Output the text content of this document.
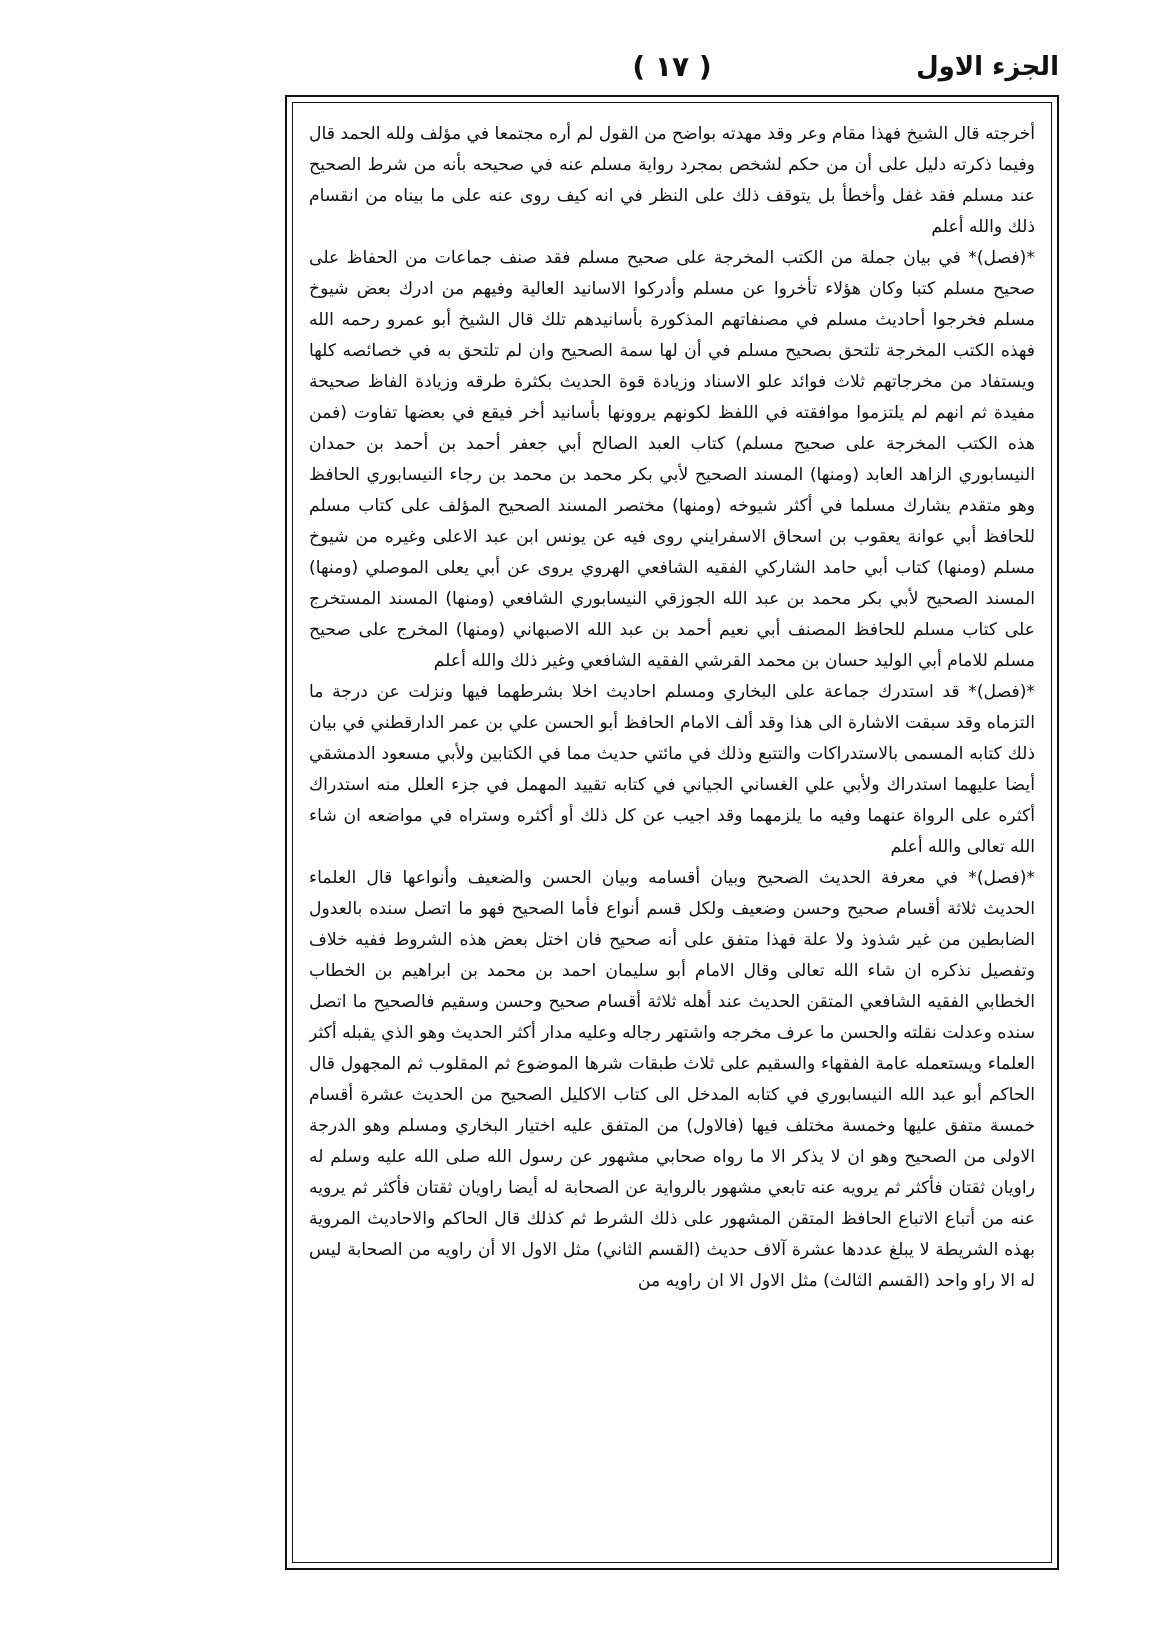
الجزء الاول
( ١٧ )

أخرجته قال الشيخ فهذا مقام وعر وقد مهدته بواضح من القول لم أره مجتمعا في مؤلف ولله الحمد قال وفيما ذكرته دليل على أن من حكم لشخص بمجرد رواية مسلم عنه في صحيحه بأنه من شرط الصحيح عند مسلم فقد غفل وأخطأ بل يتوقف ذلك على النظر في انه كيف روى عنه على ما بيناه من انقسام ذلك والله أعلم

*(فصل)* في بيان جملة من الكتب المخرجة على صحيح مسلم فقد صنف جماعات من الحفاظ على صحيح مسلم كتبا وكان هؤلاء تأخروا عن مسلم وأدركوا الاسانيد العالية وفيهم من ادرك بعض شيوخ مسلم فخرجوا أحاديث مسلم في مصنفاتهم المذكورة بأسانيدهم تلك قال الشيخ أبو عمرو رحمه الله فهذه الكتب المخرجة تلتحق بصحيح مسلم في أن لها سمة الصحيح وان لم تلتحق به في خصائصه كلها ويستفاد من مخرجاتهم ثلاث فوائد علو الاسناد وزيادة قوة الحديث بكثرة طرقه وزيادة الفاظ صحيحة مفيدة ثم انهم لم يلتزموا موافقته في اللفظ لكونهم يروونها بأسانيد أخر فيقع في بعضها تفاوت (فمن هذه الكتب المخرجة على صحيح مسلم) كتاب العبد الصالح أبي جعفر أحمد بن أحمد بن حمدان النيسابوري الزاهد العابد (ومنها) المسند الصحيح لأبي بكر محمد بن محمد بن رجاء النيسابوري الحافظ وهو متقدم يشارك مسلما في أكثر شيوخه (ومنها) مختصر المسند الصحيح المؤلف على كتاب مسلم للحافظ أبي عوانة يعقوب بن اسحاق الاسفرايني روى فيه عن يونس ابن عبد الاعلى وغيره من شيوخ مسلم (ومنها) كتاب أبي حامد الشاركي الفقيه الشافعي الهروي يروى عن أبي يعلى الموصلي (ومنها) المسند الصحيح لأبي بكر محمد بن عبد الله الجوزقي النيسابوري الشافعي (ومنها) المسند المستخرج على كتاب مسلم للحافظ المصنف أبي نعيم أحمد بن عبد الله الاصبهاني (ومنها) المخرج على صحيح مسلم للامام أبي الوليد حسان بن محمد القرشي الفقيه الشافعي وغير ذلك والله أعلم

*(فصل)* قد استدرك جماعة على البخاري ومسلم احاديث اخلا بشرطهما فيها ونزلت عن درجة ما التزماه وقد سبقت الاشارة الى هذا وقد ألف الامام الحافظ أبو الحسن علي بن عمر الدارقطني في بيان ذلك كتابه المسمى بالاستدراكات والتتبع وذلك في مائتي حديث مما في الكتابين ولأبي مسعود الدمشقي أيضا عليهما استدراك ولأبي علي الغساني الجياني في كتابه تقييد المهمل في جزء العلل منه استدراك أكثره على الرواة عنهما وفيه ما يلزمهما وقد اجيب عن كل ذلك أو أكثره وستراه في مواضعه ان شاء الله تعالى والله أعلم

*(فصل)* في معرفة الحديث الصحيح وبيان أقسامه وبيان الحسن والضعيف وأنواعها قال العلماء الحديث ثلاثة أقسام صحيح وحسن وضعيف ولكل قسم أنواع فأما الصحيح فهو ما اتصل سنده بالعدول الضابطين من غير شذوذ ولا علة فهذا متفق على أنه صحيح فان اختل بعض هذه الشروط ففيه خلاف وتفصيل نذكره ان شاء الله تعالى وقال الامام أبو سليمان احمد بن محمد بن ابراهيم بن الخطاب الخطابي الفقيه الشافعي المتقن الحديث عند أهله ثلاثة أقسام صحيح وحسن وسقيم فالصحيح ما اتصل سنده وعدلت نقلته والحسن ما عرف مخرجه واشتهر رجاله وعليه مدار أكثر الحديث وهو الذي يقبله أكثر العلماء ويستعمله عامة الفقهاء والسقيم على ثلاث طبقات شرها الموضوع ثم المقلوب ثم المجهول قال الحاكم أبو عبد الله النيسابوري في كتابه المدخل الى كتاب الاكليل الصحيح من الحديث عشرة أقسام خمسة متفق عليها وخمسة مختلف فيها (فالاول) من المتفق عليه اختيار البخاري ومسلم وهو الدرجة الاولى من الصحيح وهو ان لا يذكر الا ما رواه صحابي مشهور عن رسول الله صلى الله عليه وسلم له راويان ثقتان فأكثر ثم يرويه عنه تابعي مشهور بالرواية عن الصحابة له أيضا راويان ثقتان فأكثر ثم يرويه عنه من أتباع الاتباع الحافظ المتقن المشهور على ذلك الشرط ثم كذلك قال الحاكم والاحاديث المروية بهذه الشريطة لا يبلغ عددها عشرة آلاف حديث (القسم الثاني) مثل الاول الا أن راويه من الصحابة ليس له الا راو واحد (القسم الثالث) مثل الاول الا ان راويه من
